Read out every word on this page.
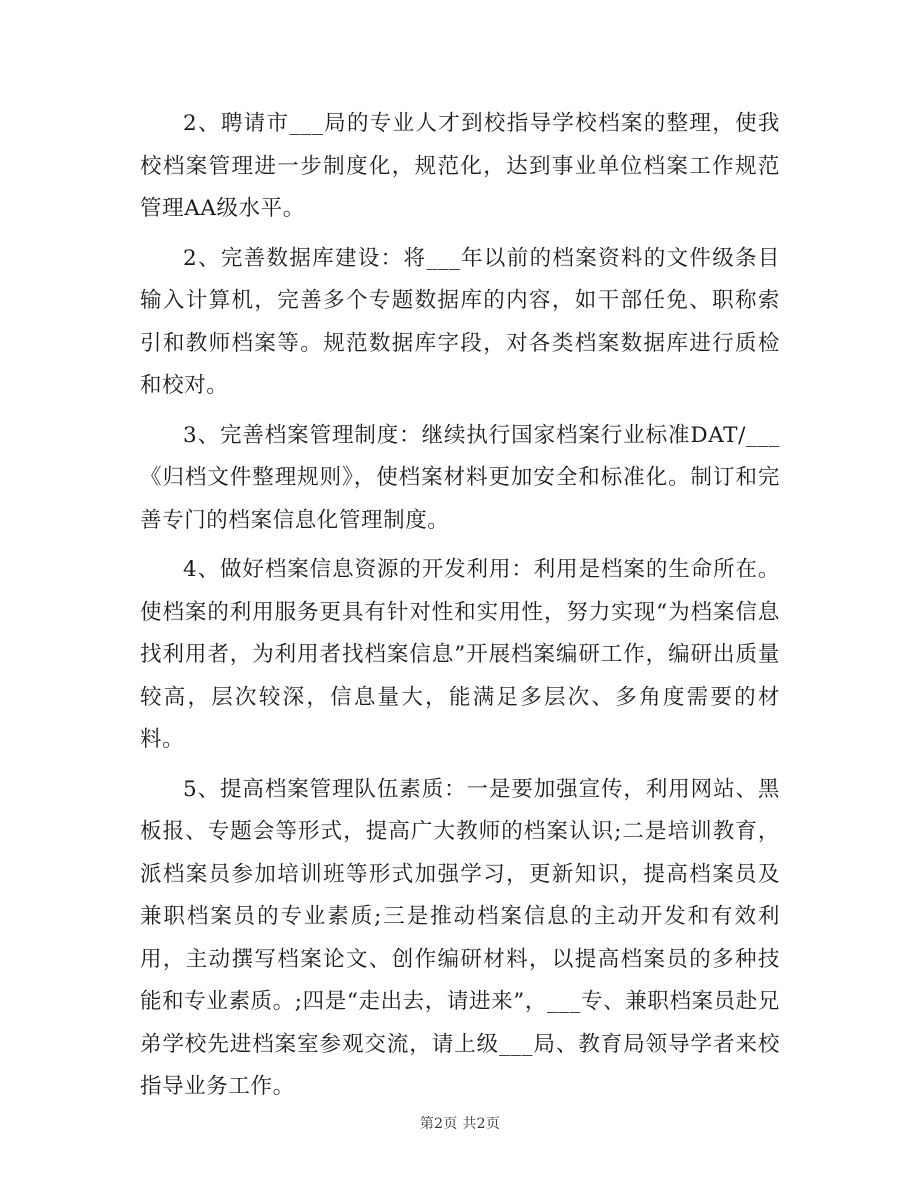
2、聘请市___局的专业人才到校指导学校档案的整理，使我校档案管理进一步制度化，规范化，达到事业单位档案工作规范管理AA级水平。

2、完善数据库建设：将___年以前的档案资料的文件级条目输入计算机，完善多个专题数据库的内容，如干部任免、职称索引和教师档案等。规范数据库字段，对各类档案数据库进行质检和校对。

3、完善档案管理制度：继续执行国家档案行业标准DAT/___《归档文件整理规则》，使档案材料更加安全和标准化。制订和完善专门的档案信息化管理制度。

4、做好档案信息资源的开发利用：利用是档案的生命所在。使档案的利用服务更具有针对性和实用性，努力实现“为档案信息找利用者，为利用者找档案信息”开展档案编研工作，编研出质量较高，层次较深，信息量大，能满足多层次、多角度需要的材料。

5、提高档案管理队伍素质：一是要加强宣传，利用网站、黑板报、专题会等形式，提高广大教师的档案认识;二是培训教育，派档案员参加培训班等形式加强学习，更新知识，提高档案员及兼职档案员的专业素质;三是推动档案信息的主动开发和有效利用，主动撰写档案论文、创作编研材料，以提高档案员的多种技能和专业素质。;四是“走出去，请进来”，___专、兼职档案员赴兄弟学校先进档案室参观交流，请上级___局、教育局领导学者来校指导业务工作。

第2页 共2页
